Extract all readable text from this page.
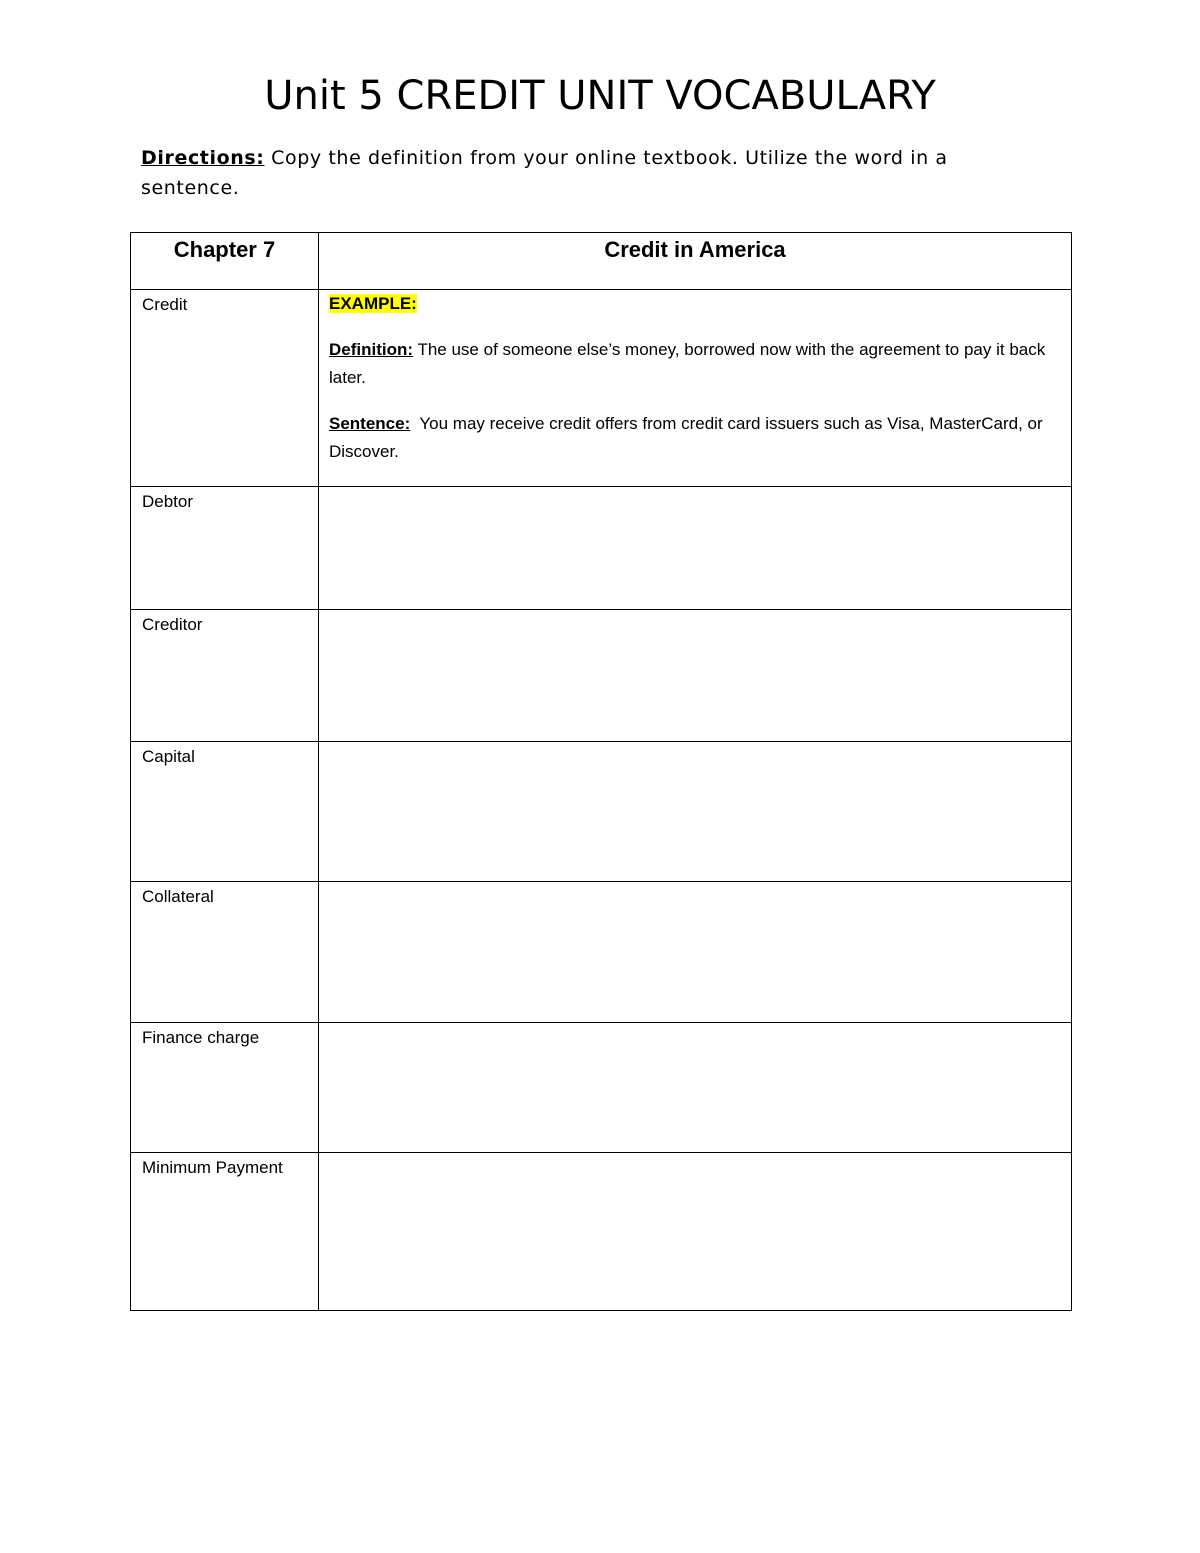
Unit 5 CREDIT UNIT VOCABULARY
Directions: Copy the definition from your online textbook. Utilize the word in a sentence.
Chapter 7	Credit in America
Credit	EXAMPLE:

Definition: The use of someone else’s money, borrowed now with the agreement to pay it back later.

Sentence:  You may receive credit offers from credit card issuers such as Visa, MasterCard, or Discover.

Debtor	
Creditor	
Capital	
Collateral	
Finance charge	
Minimum Payment	
